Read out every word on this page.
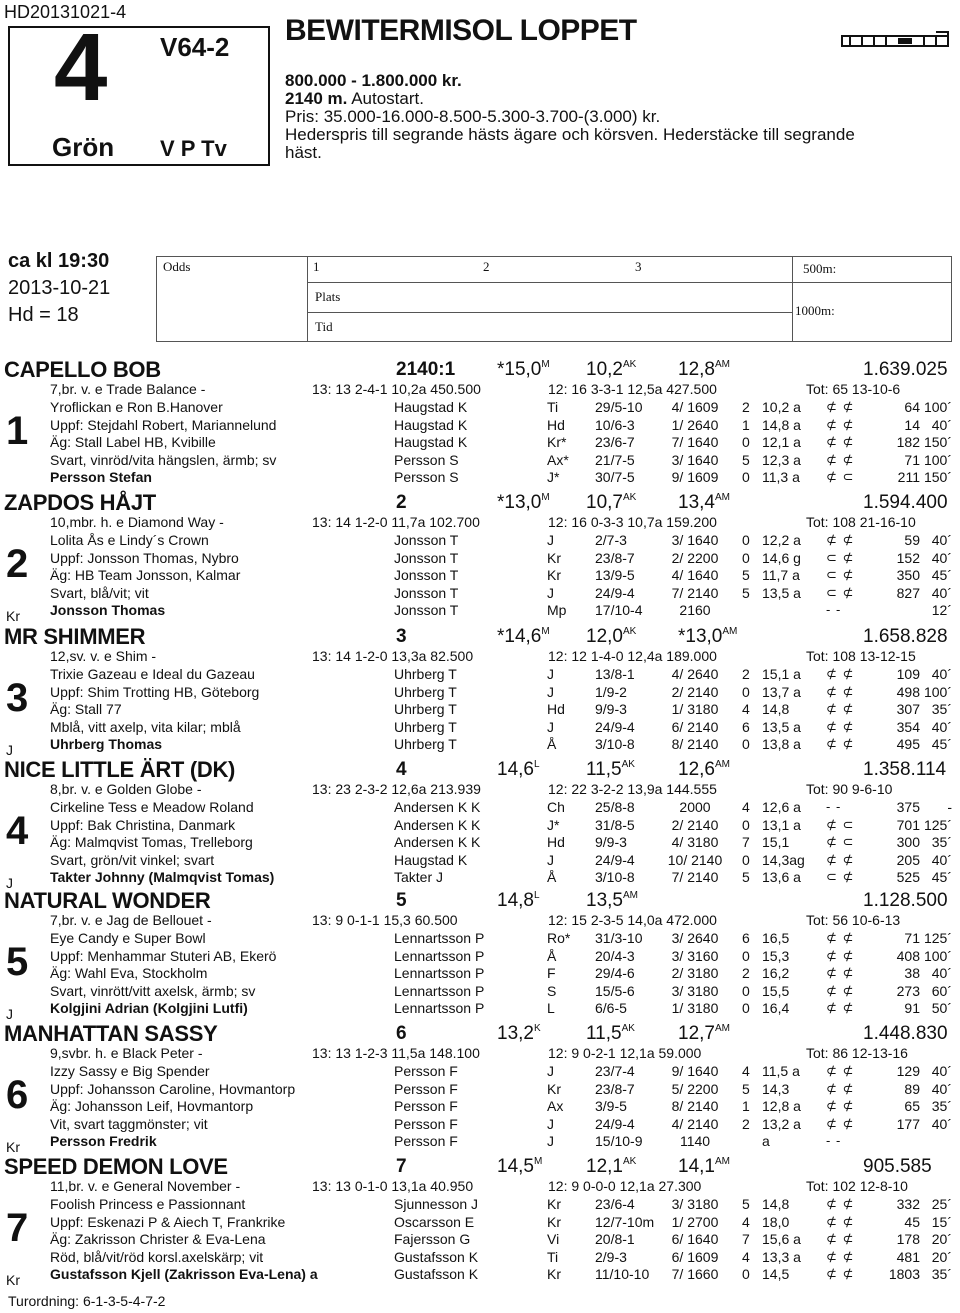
HD20131021-4
4 V64-2
Grön V P Tv
BEWITERMISOL LOPPET
800.000 - 1.800.000 kr.
2140 m. Autostart.
Pris: 35.000-16.000-8.500-5.300-3.700-(3.000) kr.
Hederspris till segrande hästs ägare och körsven. Hederstäcke till segrande
häst.
ca kl 19:30
2013-10-21
Hd = 18
Odds	1	2	3
Plats
Tid
500m:
1000m:
CAPELLO BOB	2140:1 $*15,0^M$ $10,2^{AK}$ $12,8^{AM}$	1.639.025
7,br. v. e Trade Balance -	13: 13 2-4-1 10,2a 450.500	12: 16 3-3-1 12,5a 427.500	Tot: 65 13-10-6
1
Yroflickan e Ron B.Hanover	Haugstad K	Ti	29/5-10 4/ 1609 2 10,2 a ⊄ ⊄	64 100´
Uppf: Stejdahl Robert, Mariannelund	Haugstad K	Hd 10/6-3	1/ 2640 1 14,8 a ⊄ ⊄	14 40´
Äg: Stall Label HB, Kvibille	Haugstad K	Kr* 23/6-7	7/ 1640 0 12,1 a ⊄ ⊄	182 150´
Svart, vinröd/vita hängslen, ärmb; sv	Persson S	Ax* 21/7-5	3/ 1640 5 12,3 a ⊄ ⊄	71 100´
Persson Stefan	Persson S	J*	30/7-5	9/ 1609 0 11,3 a ⊄ ⊂	211 150´
ZAPDOS HÅJT	2	$*13,0^M$ $10,7^{AK}$ $13,4^{AM}$	1.594.400
10,mbr. h. e Diamond Way -	13: 14 1-2-0 11,7a 102.700	12: 16 0-3-3 10,7a 159.200	Tot: 108 21-16-10
2
Kr
Lolita Ås e Lindy´s Crown	Jonsson T	J	2/7-3	3/ 1640 0 12,2 a ⊄ ⊄	59 40´
Uppf: Jonsson Thomas, Nybro	Jonsson T	Kr 23/8-7	2/ 2200 0 14,6 g ⊂ ⊄	152 40´
Äg: HB Team Jonsson, Kalmar	Jonsson T	Kr 13/9-5	4/ 1640 5 11,7 a ⊂ ⊄	350 45´
Svart, blå/vit; vit	Jonsson T	J	24/9-4	7/ 2140 5 13,5 a ⊂ ⊄	827 40´
Jonsson Thomas	Jonsson T	Mp 17/10-4	2160	- -	12´
MR SHIMMER	3	$*14,6^M$ $12,0^{AK}$ $*13,0^{AM}$	1.658.828
12,sv. v. e Shim -	13: 14 1-2-0 13,3a 82.500	12: 12 1-4-0 12,4a 189.000	Tot: 108 13-12-15
3
J
Trixie Gazeau e Ideal du Gazeau	Uhrberg T	J	13/8-1	4/ 2640 2 15,1 a ⊄ ⊄	109 40´
Uppf: Shim Trotting HB, Göteborg	Uhrberg T	J	1/9-2	2/ 2140 0 13,7 a ⊄ ⊄	498 100´
Äg: Stall 77	Uhrberg T	Hd 9/9-3	1/ 3180 4 14,8	⊄ ⊄	307 35´
Mblå, vitt axelp, vita kilar; mblå	Uhrberg T	J	24/9-4	6/ 2140 6 13,5 a ⊄ ⊄	354 40´
Uhrberg Thomas	Uhrberg T	Å	3/10-8	8/ 2140 0 13,8 a ⊄ ⊄	495 45´
NICE LITTLE ÄRT (DK)	4	$14,6^L$ $11,5^{AK}$ $12,6^{AM}$	1.358.114
8,br. v. e Golden Globe -	13: 23 2-3-2 12,6a 213.939	12: 22 3-2-2 13,9a 144.555	Tot: 90 9-6-10
4
J
Cirkeline Tess e Meadow Roland	Andersen K K	Ch 25/8-8	2000 4 12,6 a - -	375 -
Uppf: Bak Christina, Danmark	Andersen K K	J*	31/8-5	2/ 2140 0 13,1 a ⊄ ⊂	701 125´
Äg: Malmqvist Tomas, Trelleborg	Andersen K K	Hd 9/9-3	4/ 3180 7 15,1	⊄ ⊂	300 35´
Svart, grön/vit vinkel; svart	Haugstad K	J	24/9-4 10/ 2140 0 14,3ag ⊄ ⊄	205 40´
Takter Johnny (Malmqvist Tomas)	Takter J	Å	3/10-8	7/ 2140 5 13,6 a ⊂ ⊄	525 45´
NATURAL WONDER	5	$14,8^L$ $13,5^{AM}$	1.128.500
7,br. v. e Jag de Bellouet -	13: 9 0-1-1 15,3 60.500	12: 15 2-3-5 14,0a 472.000	Tot: 56 10-6-13
5
J
Eye Candy e Super Bowl	Lennartsson P	Ro* 31/3-10 3/ 2640 6 16,5	⊄ ⊄	71 125´
Uppf: Menhammar Stuteri AB, Ekerö	Lennartsson P	Å	20/4-3	3/ 3160 0 15,3	⊄ ⊄	408 100´
Äg: Wahl Eva, Stockholm	Lennartsson P	F	29/4-6	2/ 3180 2 16,2	⊄ ⊄	38 40´
Svart, vinrött/vitt axelsk, ärmb; sv	Lennartsson P	S	15/5-6	3/ 3180 0 15,5	⊄ ⊄	273 60´
Kolgjini Adrian (Kolgjini Lutfi)	Lennartsson P	L	6/6-5	1/ 3180 0 16,4	⊄ ⊄	91 50´
MANHATTAN SASSY	6	$13,2^K$ $11,5^{AK}$ $12,7^{AM}$	1.448.830
9,svbr. h. e Black Peter -	13: 13 1-2-3 11,5a 148.100	12: 9 0-2-1 12,1a 59.000	Tot: 86 12-13-16
6
Kr
Izzy Sassy e Big Spender	Persson F	J	23/7-4	9/ 1640 4 11,5 a ⊄ ⊄	129 40´
Uppf: Johansson Caroline, Hovmantorp	Persson F	Kr 23/8-7	5/ 2200 5 14,3	⊄ ⊄	89 40´
Äg: Johansson Leif, Hovmantorp	Persson F	Ax 3/9-5	8/ 2140 1 12,8 a ⊄ ⊄	65 35´
Vit, svart taggmönster; vit	Persson F	J	24/9-4	4/ 2140 2 13,2 a ⊄ ⊄	177 40´
Persson Fredrik	Persson F	J	15/10-9	1140	a	- -
SPEED DEMON LOVE	7	$14,5^M$ $12,1^{AK}$ $14,1^{AM}$	905.585
11,br. v. e General November -	13: 13 0-1-0 13,1a 40.950	12: 9 0-0-0 12,1a 27.300	Tot: 102 12-8-10
7
Kr
Foolish Princess e Passionnant	Sjunnesson J	Kr 23/6-4	3/ 3180 5 14,8	⊄ ⊄	332 25´
Uppf: Eskenazi P & Aiech T, Frankrike	Oscarsson E	Kr 12/7-10m 1/ 2700 4 18,0	⊄ ⊄	45 15´
Äg: Zakrisson Christer & Eva-Lena	Fajersson G	Vi	20/8-1	6/ 1640 7 15,6 a ⊄ ⊄	178 20´
Röd, blå/vit/röd korsl.axelskärp; vit	Gustafsson K	Ti	2/9-3	6/ 1609 4 13,3 a ⊄ ⊄	481 20´
Gustafsson Kjell (Zakrisson Eva-Lena) a	Gustafsson K	Kr 11/10-10 7/ 1660 0 14,5	⊄ ⊄ 1803 35´
Turordning: 6-1-3-5-4-7-2
